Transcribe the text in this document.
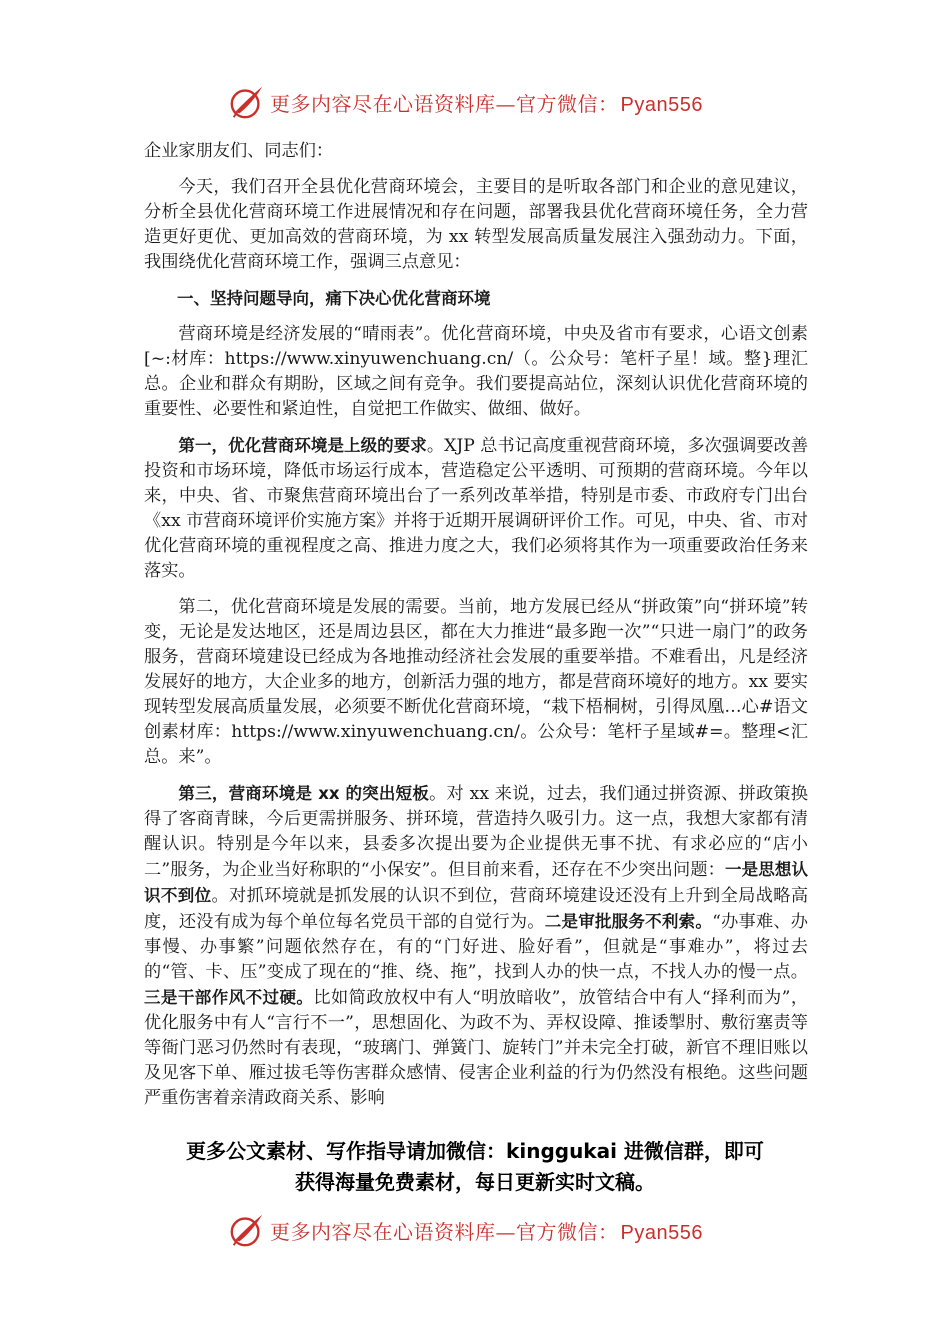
更多内容尽在心语资料库—官方微信： Pyan556

企业家朋友们、同志们：

今天，我们召开全县优化营商环境会，主要目的是听取各部门和企业的意见建议，分析全县优化营商环境工作进展情况和存在问题，部署我县优化营商环境任务，全力营造更好更优、更加高效的营商环境，为 xx 转型发展高质量发展注入强劲动力。下面，我围绕优化营商环境工作，强调三点意见：

一、坚持问题导向，痛下决心优化营商环境

营商环境是经济发展的“晴雨表”。优化营商环境，中央及省市有要求，心语文创素[~:材库：https://www.xinyuwenchuang.cn/（。公众号：笔杆子星！域。整}理汇总。企业和群众有期盼，区域之间有竞争。我们要提高站位，深刻认识优化营商环境的重要性、必要性和紧迫性，自觉把工作做实、做细、做好。

第一，优化营商环境是上级的要求。XJP 总书记高度重视营商环境，多次强调要改善投资和市场环境，降低市场运行成本，营造稳定公平透明、可预期的营商环境。今年以来，中央、省、市聚焦营商环境出台了一系列改革举措，特别是市委、市政府专门出台《xx 市营商环境评价实施方案》并将于近期开展调研评价工作。可见，中央、省、市对优化营商环境的重视程度之高、推进力度之大，我们必须将其作为一项重要政治任务来落实。

第二，优化营商环境是发展的需要。当前，地方发展已经从“拼政策”向“拼环境”转变，无论是发达地区，还是周边县区，都在大力推进“最多跑一次”“只进一扇门”的政务服务，营商环境建设已经成为各地推动经济社会发展的重要举措。不难看出，凡是经济发展好的地方，大企业多的地方，创新活力强的地方，都是营商环境好的地方。xx 要实现转型发展高质量发展，必须要不断优化营商环境，“栽下梧桐树，引得凤凰…心#语文创素材库：https://www.xinyuwenchuang.cn/。公众号：笔杆子星域#=。整理<汇总。来”。

第三，营商环境是 xx 的突出短板。对 xx 来说，过去，我们通过拼资源、拼政策换得了客商青睐，今后更需拼服务、拼环境，营造持久吸引力。这一点，我想大家都有清醒认识。特别是今年以来，县委多次提出要为企业提供无事不扰、有求必应的“店小二”服务，为企业当好称职的“小保安”。但目前来看，还存在不少突出问题：一是思想认识不到位。对抓环境就是抓发展的认识不到位，营商环境建设还没有上升到全局战略高度，还没有成为每个单位每名党员干部的自觉行为。二是审批服务不利索。“办事难、办事慢、办事繁”问题依然存在，有的“门好进、脸好看”，但就是“事难办”，将过去的“管、卡、压”变成了现在的“推、绕、拖”，找到人办的快一点，不找人办的慢一点。三是干部作风不过硬。比如简政放权中有人“明放暗收”，放管结合中有人“择利而为”，优化服务中有人“言行不一”，思想固化、为政不为、弄权设障、推诿掣肘、敷衍塞责等等衙门恶习仍然时有表现，“玻璃门、弹簧门、旋转门”并未完全打破，新官不理旧账以及见客下单、雁过拔毛等伤害群众感情、侵害企业利益的行为仍然没有根绝。这些问题严重伤害着亲清政商关系、影响

更多公文素材、写作指导请加微信：kinggukai 进微信群，即可
获得海量免费素材，每日更新实时文稿。
更多内容尽在心语资料库—官方微信： Pyan556
